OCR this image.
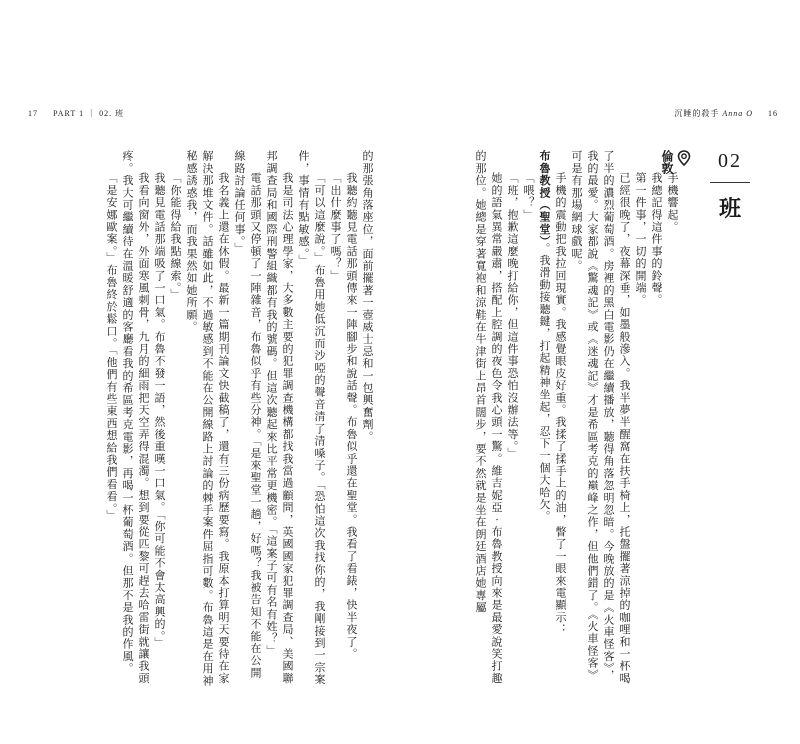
17 PART 1 ｜ 02. 班	沉睡的殺手 Anna O 16
02
班
倫敦

手機響起。

我總記得這件事的鈴聲。

第一件事，一切的開端。

已經很晚了，夜幕深垂，如墨般滲入。我半夢半醒窩在扶手椅上，托盤擺著涼掉的咖哩和一杯喝了半的濃烈葡萄酒。房裡的黑白電影仍在繼續播放，聽得角落忽明忽暗。今晚放的是《火車怪客》，我的最愛。大家都說《驚魂記》或《迷魂記》才是希區考克的巔峰之作，但他們錯了。《火車怪客》可是有那場網球戲呢。

手機的震動把我拉回現實。我感覺眼皮好重。我揉了揉手上的油，瞥了一眼來電顯示：

布魯教授（聖堂）。我滑動接聽鍵，打起精神坐起，忍下一個大哈欠。

「喂？」

「班，抱歉這麼晚打給你，但這件事恐怕沒辦法等。」

她的語氣異常嚴肅，搭配上腔調的夜色令我心頭一驚。維吉妮亞‧布魯教授向來是最愛說笑打趣的那位。她總是穿著寬袍和涼鞋在牛津街上昂首闊步，要不然就是坐在朗廷酒店她專屬

的那張角落座位，面前擺著一壺威士忌和一包興奮劑。

我聽約聽見電話那頭傳來一陣腳步和說話聲。布魯似乎還在聖堂。我看了看錶，快半夜了。

「出什麼事了嗎？」

「可以這麼說。」布魯用她低沉而沙啞的聲音清了清嗓子。「恐怕這次我找你的，我剛接到一宗案件，事情有點敏感。」

我是司法心理學家，大多數主要的犯罪調查機構都找我當過顧問，英國國家犯罪調查局、美國聯邦調查局和國際刑警組織都有我的號碼。但這次聽起來比平常更機密。「這案子可有名有姓？」

電話那頭又停頓了一陣雜音，布魯似乎有些分神。「是來聖堂一趟，好嗎？我被告知不能在公開線路討論任何事。」

我名義上還在休假。最新一篇期刊論文快截稿了，還有三份病歷要寫。我原本打算明天要待在家解決那堆文件。話雖如此，不過敏感到不能在公開線路上討論的棘手案件屈指可數。布魯這是在用神秘感誘惑我，而我果然如她所願。

「你能得給我點線索。」

我聽見電話那端吸了一口氣。布魯不發一語，然後重嘆一口氣。「你可能不會太高興的。」

我看向窗外，外面寒風刺骨，九月的細雨把天空弄得混濁。想到要從匹黎可趕去哈雷街就讓我頭疼。我大可繼續待在溫暖舒適的客廳看我的希區考克電影，再喝一杯葡萄酒。但那不是我的作風。

「是安娜歐案。」布魯終於鬆口。「他們有些東西想給我們看看。」
